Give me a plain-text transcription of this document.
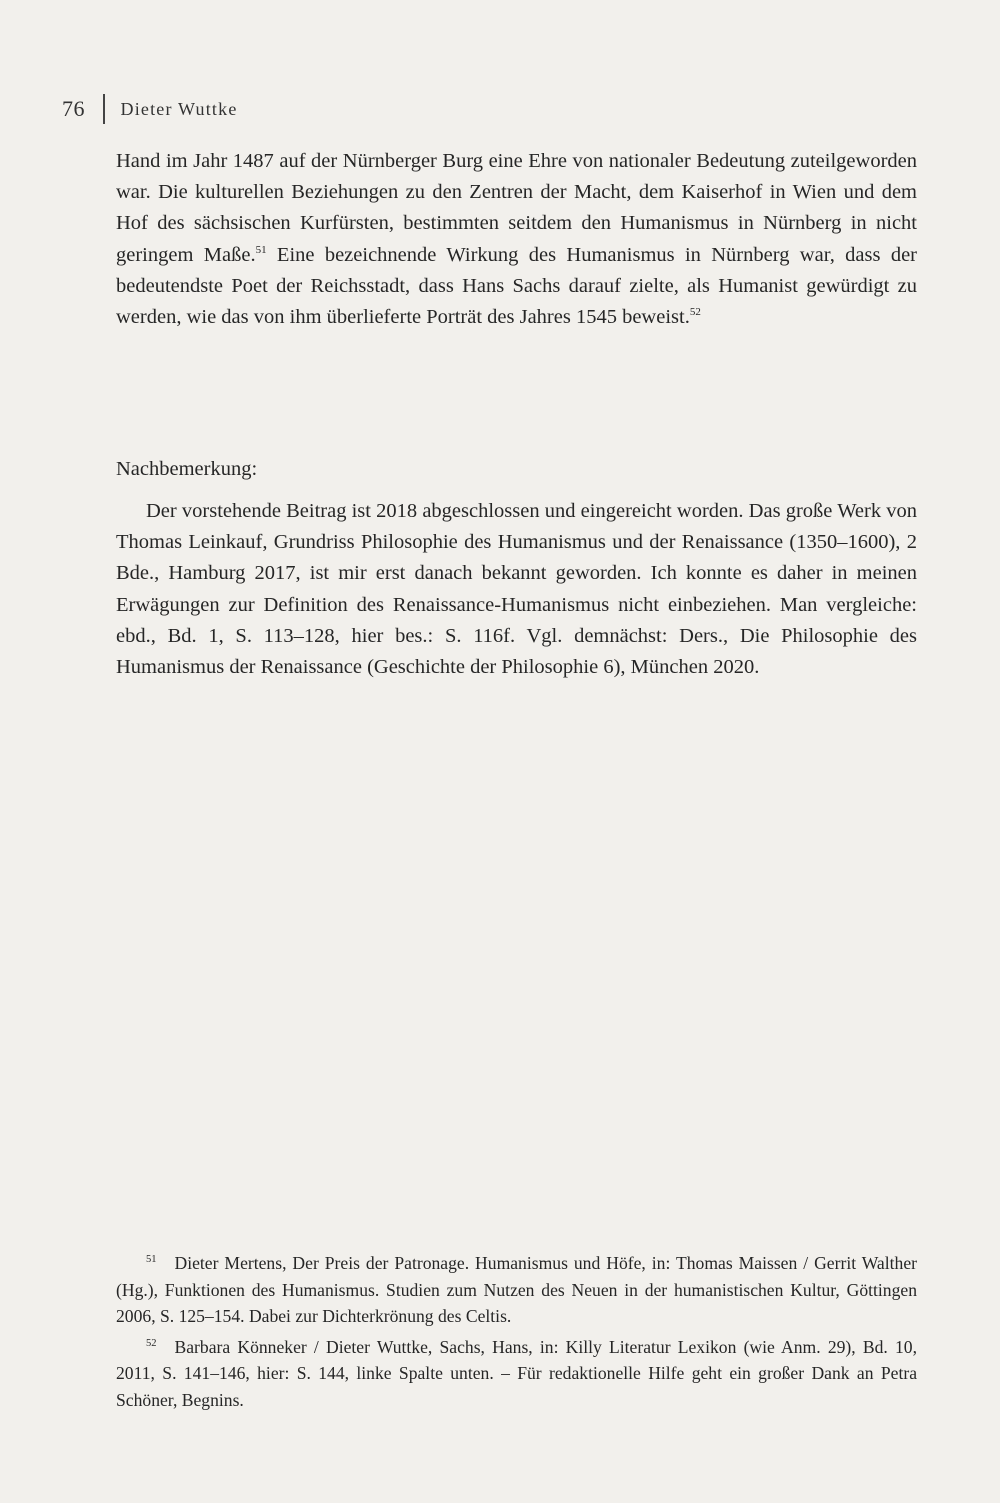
76 Dieter Wuttke
Hand im Jahr 1487 auf der Nürnberger Burg eine Ehre von nationaler Bedeutung zuteilgeworden war. Die kulturellen Beziehungen zu den Zentren der Macht, dem Kaiserhof in Wien und dem Hof des sächsischen Kurfürsten, bestimmten seitdem den Humanismus in Nürnberg in nicht geringem Maße.$^{51}$ Eine bezeichnende Wirkung des Humanismus in Nürnberg war, dass der bedeutendste Poet der Reichsstadt, dass Hans Sachs darauf zielte, als Humanist gewürdigt zu werden, wie das von ihm überlieferte Porträt des Jahres 1545 beweist.$^{52}$
Nachbemerkung:
Der vorstehende Beitrag ist 2018 abgeschlossen und eingereicht worden. Das große Werk von Thomas Leinkauf, Grundriss Philosophie des Humanismus und der Renaissance (1350–1600), 2 Bde., Hamburg 2017, ist mir erst danach bekannt geworden. Ich konnte es daher in meinen Erwägungen zur Definition des Renaissance-Humanismus nicht einbeziehen. Man vergleiche: ebd., Bd. 1, S. 113–128, hier bes.: S. 116f. Vgl. demnächst: Ders., Die Philosophie des Humanismus der Renaissance (Geschichte der Philosophie 6), München 2020.

$^{51}$ Dieter Mertens, Der Preis der Patronage. Humanismus und Höfe, in: Thomas Maissen / Gerrit Walther (Hg.), Funktionen des Humanismus. Studien zum Nutzen des Neuen in der humanistischen Kultur, Göttingen 2006, S. 125–154. Dabei zur Dichterkrönung des Celtis.

$^{52}$ Barbara Könneker / Dieter Wuttke, Sachs, Hans, in: Killy Literatur Lexikon (wie Anm. 29), Bd. 10, 2011, S. 141–146, hier: S. 144, linke Spalte unten. – Für redaktionelle Hilfe geht ein großer Dank an Petra Schöner, Begnins.
